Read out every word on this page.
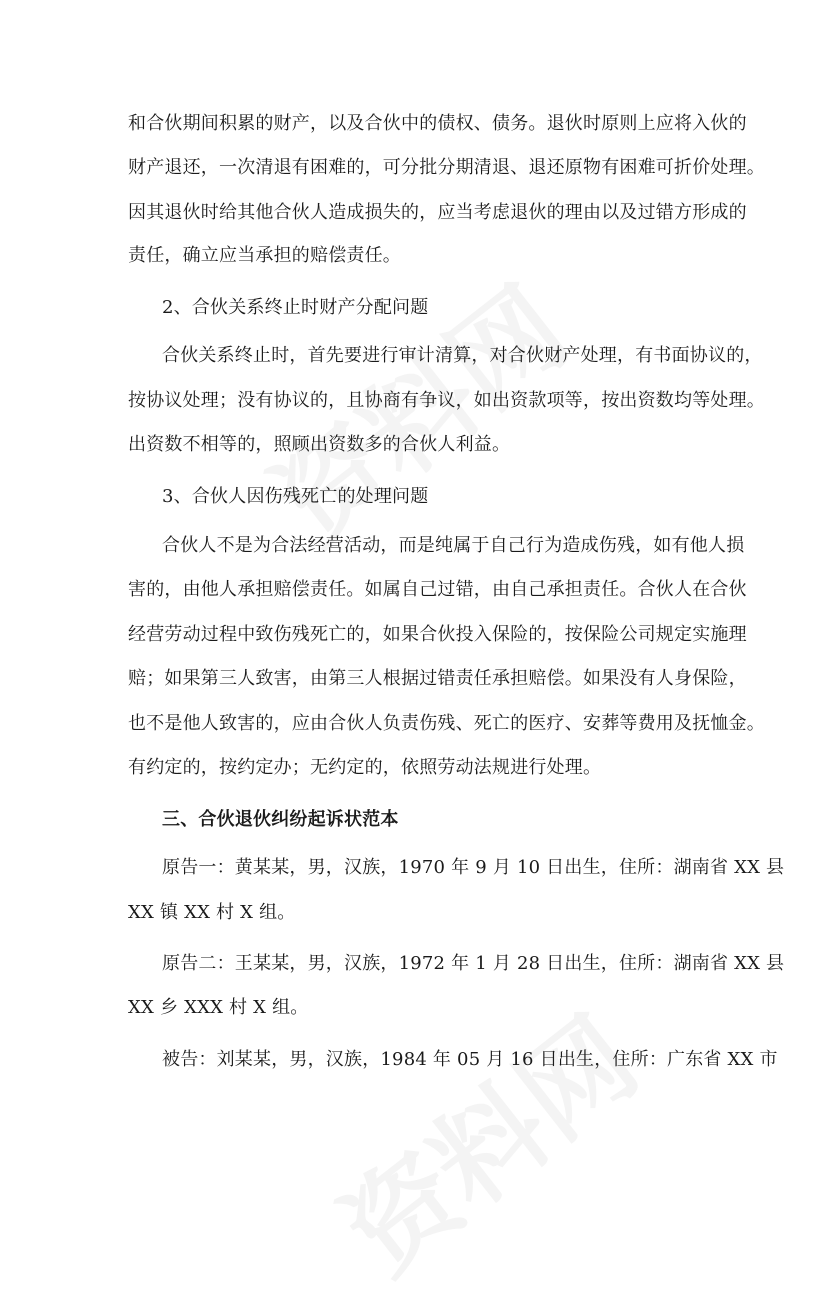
和合伙期间积累的财产，以及合伙中的债权、债务。退伙时原则上应将入伙的
财产退还，一次清退有困难的，可分批分期清退、退还原物有困难可折价处理。
因其退伙时给其他合伙人造成损失的，应当考虑退伙的理由以及过错方形成的
责任，确立应当承担的赔偿责任。
2、合伙关系终止时财产分配问题
合伙关系终止时，首先要进行审计清算，对合伙财产处理，有书面协议的，
按协议处理；没有协议的，且协商有争议，如出资款项等，按出资数均等处理。
出资数不相等的，照顾出资数多的合伙人利益。
3、合伙人因伤残死亡的处理问题
合伙人不是为合法经营活动，而是纯属于自己行为造成伤残，如有他人损
害的，由他人承担赔偿责任。如属自己过错，由自己承担责任。合伙人在合伙
经营劳动过程中致伤残死亡的，如果合伙投入保险的，按保险公司规定实施理
赔；如果第三人致害，由第三人根据过错责任承担赔偿。如果没有人身保险，
也不是他人致害的，应由合伙人负责伤残、死亡的医疗、安葬等费用及抚恤金。
有约定的，按约定办；无约定的，依照劳动法规进行处理。
三、合伙退伙纠纷起诉状范本
原告一：黄某某，男，汉族，1970 年 9 月 10 日出生，住所：湖南省 XX 县
XX 镇 XX 村 X 组。
原告二：王某某，男，汉族，1972 年 1 月 28 日出生，住所：湖南省 XX 县
XX 乡 XXX 村 X 组。
被告：刘某某，男，汉族，1984 年 05 月 16 日出生，住所：广东省 XX 市
